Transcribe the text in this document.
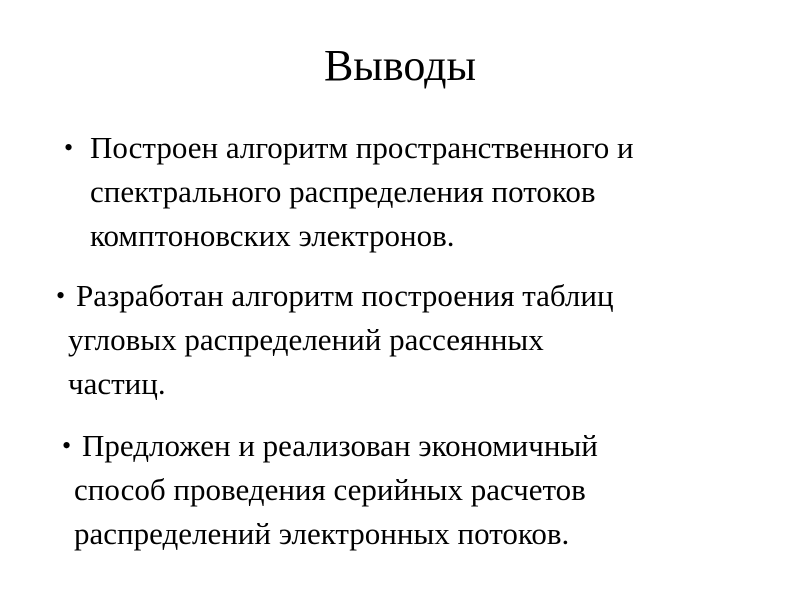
Выводы
• Построен алгоритм пространственного и
спектрального распределения потоков
комптоновских электронов.
• Разработан алгоритм построения таблиц
угловых распределений рассеянных
частиц.
• Предложен и реализован экономичный
способ проведения серийных расчетов
распределений электронных потоков.
